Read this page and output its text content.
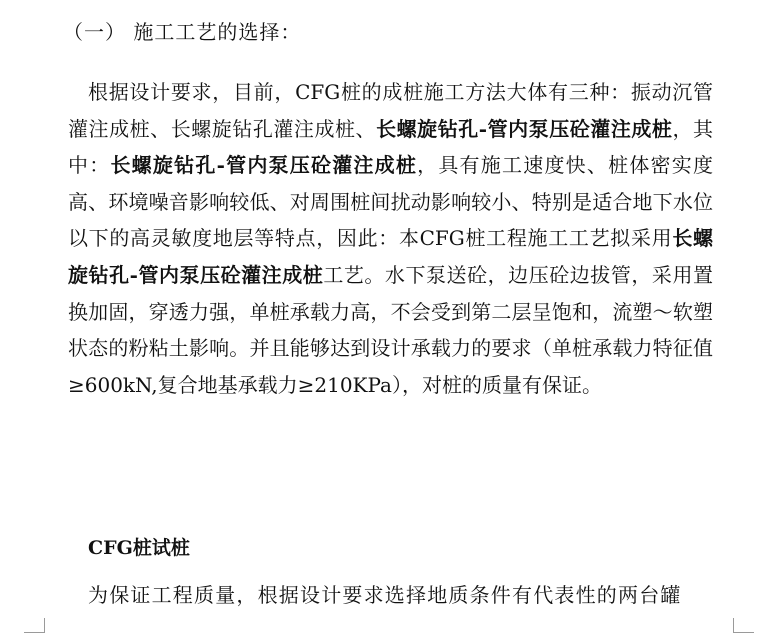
（一） 施工工艺的选择：

根据设计要求，目前，CFG桩的成桩施工方法大体有三种：振动沉管灌注成桩、长螺旋钻孔灌注成桩、长螺旋钻孔-管内泵压砼灌注成桩，其中：长螺旋钻孔-管内泵压砼灌注成桩，具有施工速度快、桩体密实度高、环境噪音影响较低、对周围桩间扰动影响较小、特别是适合地下水位以下的高灵敏度地层等特点，因此：本CFG桩工程施工工艺拟采用长螺旋钻孔-管内泵压砼灌注成桩工艺。水下泵送砼，边压砼边拔管，采用置换加固，穿透力强，单桩承载力高，不会受到第二层呈饱和，流塑～软塑状态的粉粘土影响。并且能够达到设计承载力的要求（单桩承载力特征值≥600kN,复合地基承载力≥210KPa），对桩的质量有保证。

CFG桩试桩

为保证工程质量，根据设计要求选择地质条件有代表性的两台罐
